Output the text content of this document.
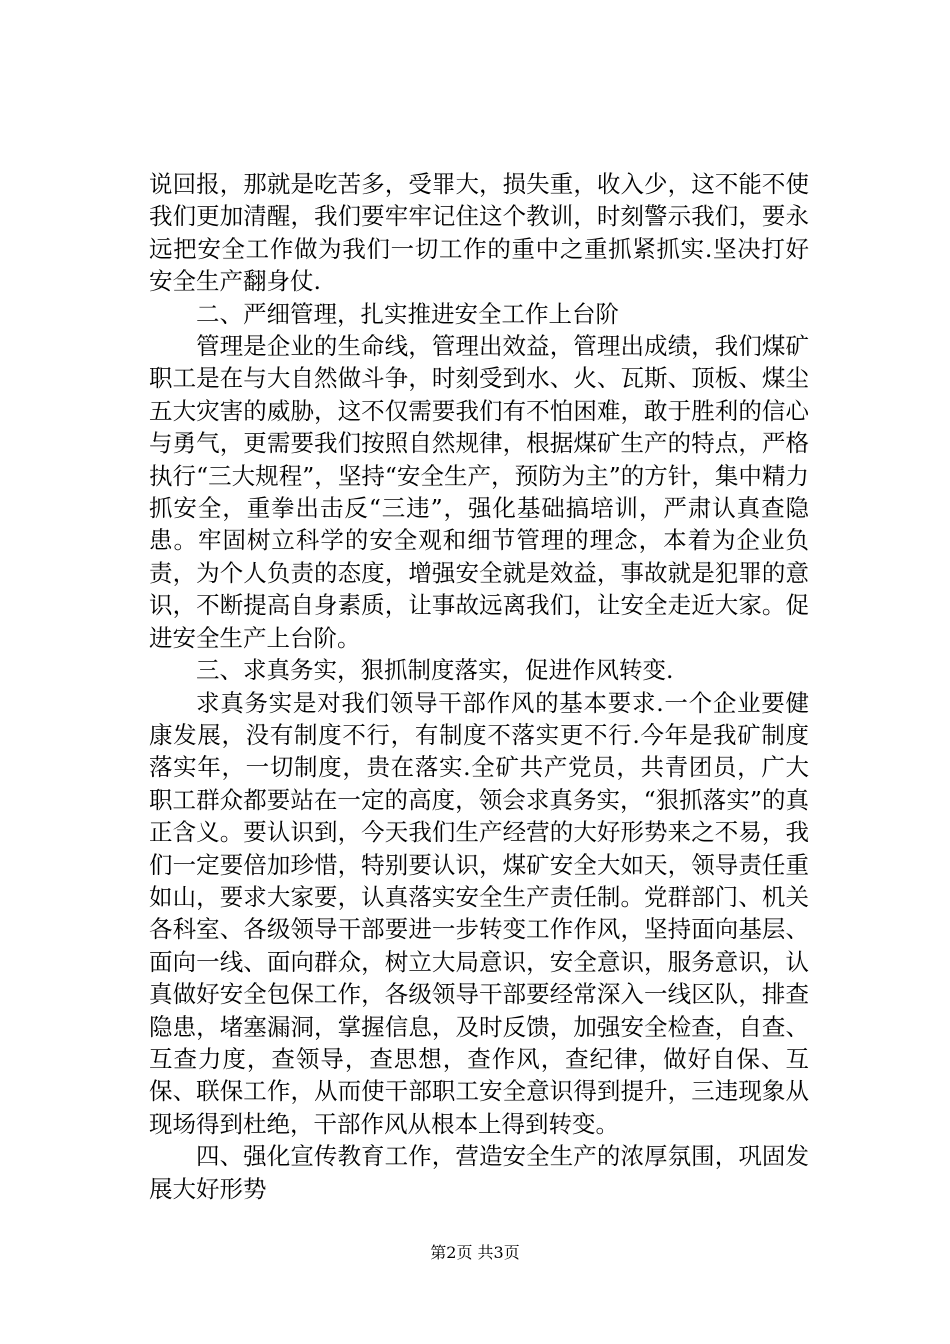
说回报，那就是吃苦多，受罪大，损失重，收入少，这不能不使我们更加清醒，我们要牢牢记住这个教训，时刻警示我们，要永远把安全工作做为我们一切工作的重中之重抓紧抓实.坚决打好安全生产翻身仗.

二、严细管理，扎实推进安全工作上台阶

管理是企业的生命线，管理出效益，管理出成绩，我们煤矿职工是在与大自然做斗争，时刻受到水、火、瓦斯、顶板、煤尘五大灾害的威胁，这不仅需要我们有不怕困难，敢于胜利的信心与勇气，更需要我们按照自然规律，根据煤矿生产的特点，严格执行“三大规程”，坚持“安全生产，预防为主”的方针，集中精力抓安全，重拳出击反“三违”，强化基础搞培训，严肃认真查隐患。牢固树立科学的安全观和细节管理的理念，本着为企业负责，为个人负责的态度，增强安全就是效益，事故就是犯罪的意识，不断提高自身素质，让事故远离我们，让安全走近大家。促进安全生产上台阶。

三、求真务实，狠抓制度落实，促进作风转变.

求真务实是对我们领导干部作风的基本要求.一个企业要健康发展，没有制度不行，有制度不落实更不行.今年是我矿制度落实年，一切制度，贵在落实.全矿共产党员，共青团员，广大职工群众都要站在一定的高度，领会求真务实，“狠抓落实”的真正含义。要认识到，今天我们生产经营的大好形势来之不易，我们一定要倍加珍惜，特别要认识，煤矿安全大如天，领导责任重如山，要求大家要，认真落实安全生产责任制。党群部门、机关各科室、各级领导干部要进一步转变工作作风，坚持面向基层、面向一线、面向群众，树立大局意识，安全意识，服务意识，认真做好安全包保工作，各级领导干部要经常深入一线区队，排查隐患，堵塞漏洞，掌握信息，及时反馈，加强安全检查，自查、互查力度，查领导，查思想，查作风，查纪律，做好自保、互保、联保工作，从而使干部职工安全意识得到提升，三违现象从现场得到杜绝，干部作风从根本上得到转变。

四、强化宣传教育工作，营造安全生产的浓厚氛围，巩固发展大好形势

第2页 共3页
